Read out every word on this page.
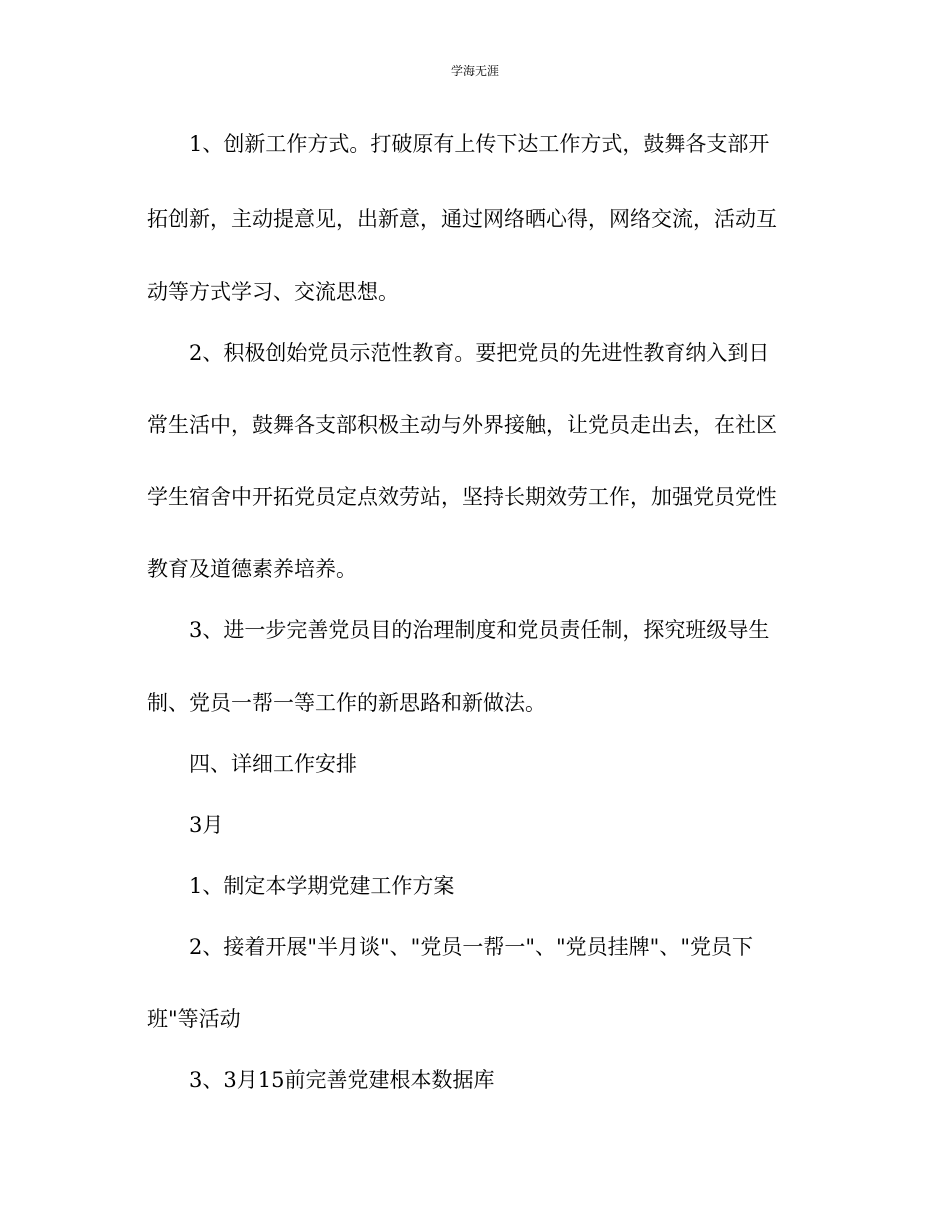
学海无涯
1、创新工作方式。打破原有上传下达工作方式，鼓舞各支部开
拓创新，主动提意见，出新意，通过网络晒心得，网络交流，活动互
动等方式学习、交流思想。
2、积极创始党员示范性教育。要把党员的先进性教育纳入到日
常生活中，鼓舞各支部积极主动与外界接触，让党员走出去，在社区
学生宿舍中开拓党员定点效劳站，坚持长期效劳工作，加强党员党性
教育及道德素养培养。
3、进一步完善党员目的治理制度和党员责任制，探究班级导生
制、党员一帮一等工作的新思路和新做法。
四、详细工作安排
3月
1、制定本学期党建工作方案
2、接着开展"半月谈"、"党员一帮一"、"党员挂牌"、"党员下
班"等活动
3、3月15前完善党建根本数据库
